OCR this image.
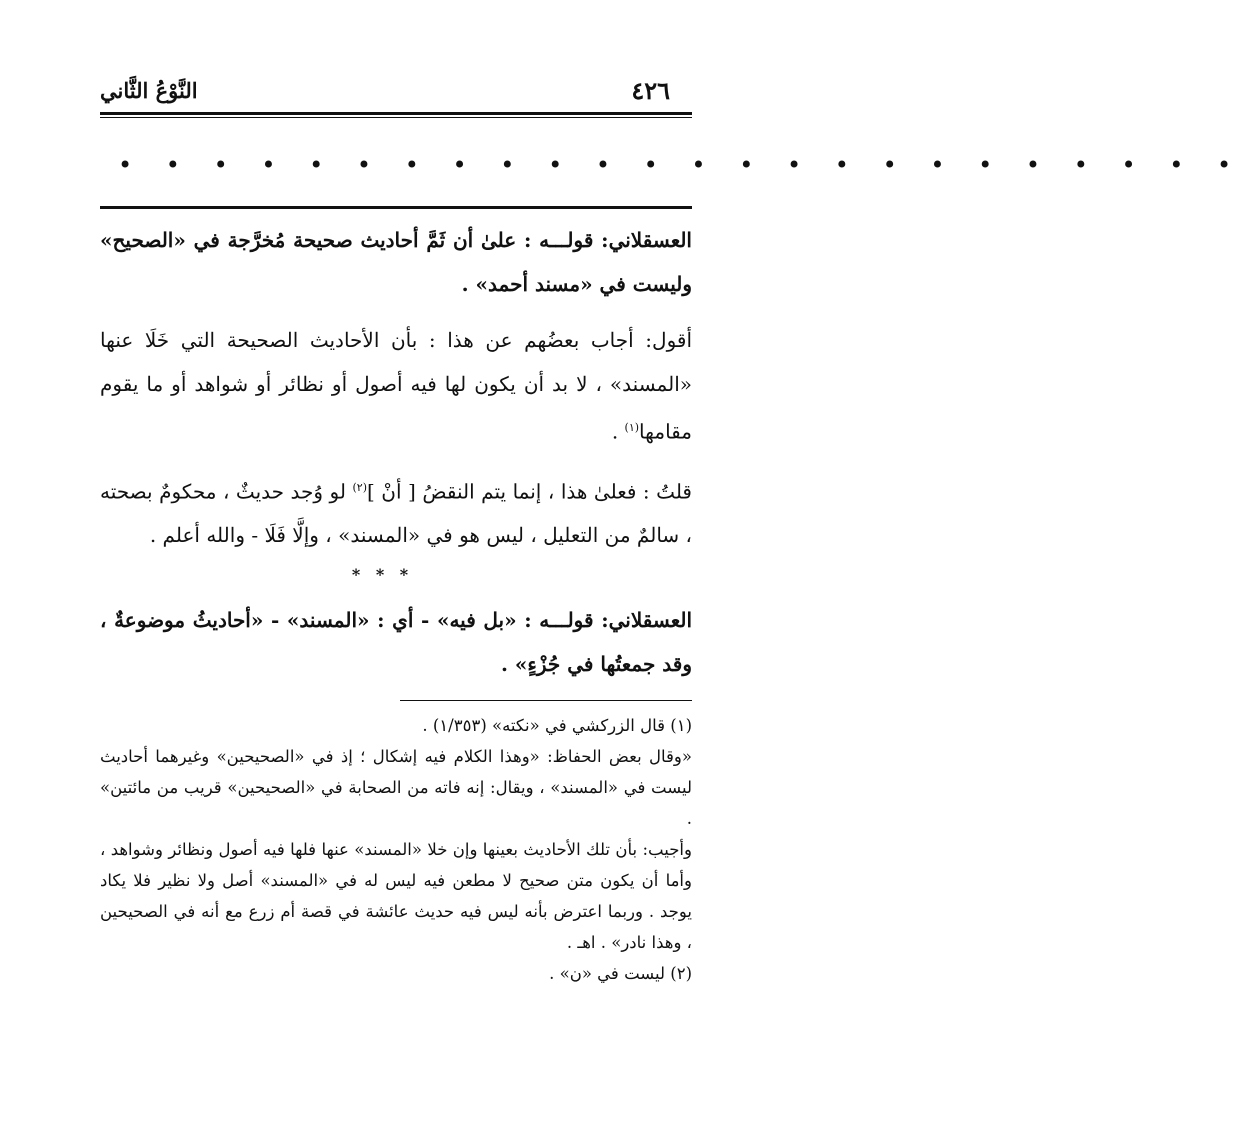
٤٢٦
النَّوْعُ الثَّاني
• • • • • • • • • • • • • • • • • • • • • • • •

العسقلاني: قولـــه : علىٰ أن ثَمَّ أحاديث صحيحة مُخرَّجة في «الصحيح» وليست في «مسند أحمد» .

أقول: أجاب بعضُهم عن هذا : بأن الأحاديث الصحيحة التي خَلَا عنها «المسند» ، لا بد أن يكون لها فيه أصول أو نظائر أو شواهد أو ما يقوم مقامها$^{(١)}$ .

قلتُ : فعلىٰ هذا ، إنما يتم النقضُ [ أنْ ]$^{(٢)}$ لو وُجد حديثٌ ، محكومٌ بصحته ، سالمٌ من التعليل ، ليس هو في «المسند» ، وإلَّا فَلَا - والله أعلم .

* * *

العسقلاني: قولـــه : «بل فيه» - أي : «المسند» - «أحاديثُ موضوعةٌ ، وقد جمعتُها في جُزْءٍ» .

(١) قال الزركشي في «نكته» (١/٣٥٣) .

«وقال بعض الحفاظ: «وهذا الكلام فيه إشكال ؛ إذ في «الصحيحين» وغيرهما أحاديث ليست في «المسند» ، ويقال: إنه فاته من الصحابة في «الصحيحين» قريب من مائتين» .

وأجيب: بأن تلك الأحاديث بعينها وإن خلا «المسند» عنها فلها فيه أصول ونظائر وشواهد ، وأما أن يكون متن صحيح لا مطعن فيه ليس له في «المسند» أصل ولا نظير فلا يكاد يوجد . وربما اعترض بأنه ليس فيه حديث عائشة في قصة أم زرع مع أنه في الصحيحين ، وهذا نادر» . اهـ .

(٢) ليست في «ن» .
